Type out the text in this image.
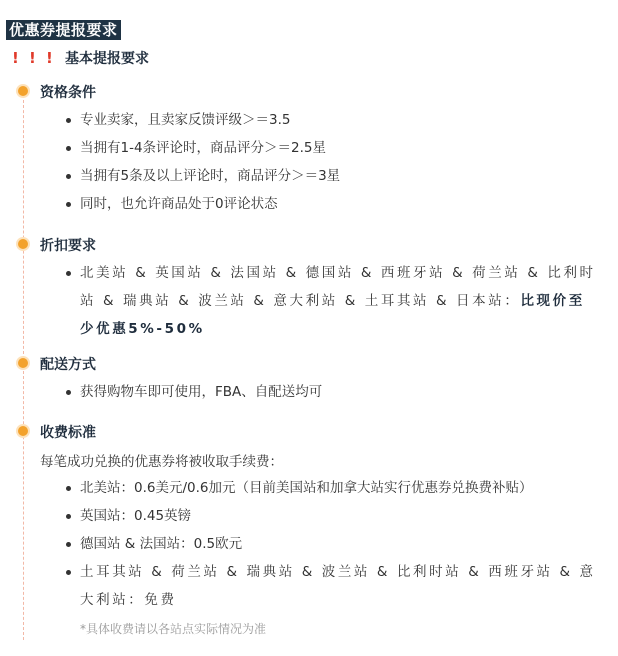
优惠券提报要求
! ! ! 基本提报要求
资格条件
专业卖家，且卖家反馈评级＞＝3.5
当拥有1-4条评论时，商品评分＞＝2.5星
当拥有5条及以上评论时，商品评分＞＝3星
同时，也允许商品处于0评论状态
折扣要求
北美站 & 英国站 & 法国站 & 德国站 & 西班牙站 & 荷兰站 & 比利时站 & 瑞典站 & 波兰站 & 意大利站 & 土耳其站 & 日本站：比现价至少优惠5%-50%
配送方式
获得购物车即可使用，FBA、自配送均可
收费标准
每笔成功兑换的优惠券将被收取手续费：
北美站：0.6美元/0.6加元（目前美国站和加拿大站实行优惠券兑换费补贴）
英国站：0.45英镑
德国站 & 法国站：0.5欧元
土耳其站 & 荷兰站 & 瑞典站 & 波兰站 & 比利时站 & 西班牙站 & 意大利站：免费
*具体收费请以各站点实际情况为准
